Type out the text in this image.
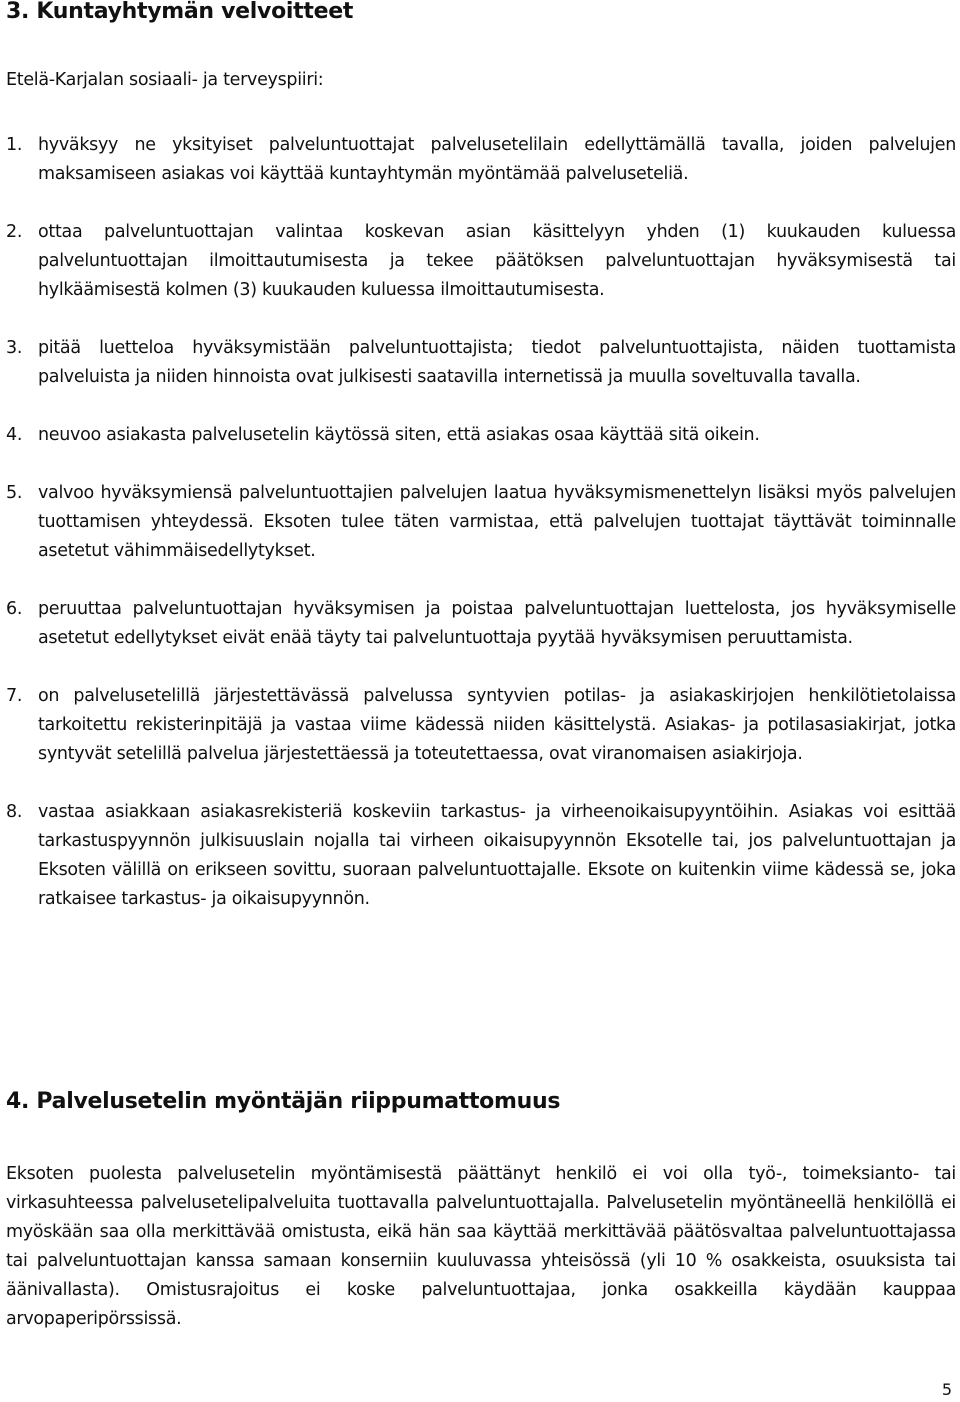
3. Kuntayhtymän velvoitteet

Etelä-Karjalan sosiaali- ja terveyspiiri:

1. hyväksyy ne yksityiset palveluntuottajat palvelusetelilain edellyttämällä tavalla, joiden palvelujen maksamiseen asiakas voi käyttää kuntayhtymän myöntämää palveluseteliä.
2. ottaa palveluntuottajan valintaa koskevan asian käsittelyyn yhden (1) kuukauden kuluessa palveluntuottajan ilmoittautumisesta ja tekee päätöksen palveluntuottajan hyväksymisestä tai hylkäämisestä kolmen (3) kuukauden kuluessa ilmoittautumisesta.
3. pitää luetteloa hyväksymistään palveluntuottajista; tiedot palveluntuottajista, näiden tuottamista palveluista ja niiden hinnoista ovat julkisesti saatavilla internetissä ja muulla soveltuvalla tavalla.
4. neuvoo asiakasta palvelusetelin käytössä siten, että asiakas osaa käyttää sitä oikein.
5. valvoo hyväksymiensä palveluntuottajien palvelujen laatua hyväksymismenettelyn lisäksi myös palvelujen tuottamisen yhteydessä. Eksoten tulee täten varmistaa, että palvelujen tuottajat täyttävät toiminnalle asetetut vähimmäisedellytykset.
6. peruuttaa palveluntuottajan hyväksymisen ja poistaa palveluntuottajan luettelosta, jos hyväksymiselle asetetut edellytykset eivät enää täyty tai palveluntuottaja pyytää hyväksymisen peruuttamista.
7. on palvelusetelillä järjestettävässä palvelussa syntyvien potilas- ja asiakaskirjojen henkilötietolaissa tarkoitettu rekisterinpitäjä ja vastaa viime kädessä niiden käsittelystä. Asiakas- ja potilasasiakirjat, jotka syntyvät setelillä palvelua järjestettäessä ja toteutettaessa, ovat viranomaisen asiakirjoja.
8. vastaa asiakkaan asiakasrekisteriä koskeviin tarkastus- ja virheenoikaisupyyntöihin. Asiakas voi esittää tarkastuspyynnön julkisuuslain nojalla tai virheen oikaisupyynnön Eksotelle tai, jos palveluntuottajan ja Eksoten välillä on erikseen sovittu, suoraan palveluntuottajalle. Eksote on kuitenkin viime kädessä se, joka ratkaisee tarkastus- ja oikaisupyynnön.
4. Palvelusetelin myöntäjän riippumattomuus

Eksoten puolesta palvelusetelin myöntämisestä päättänyt henkilö ei voi olla työ-, toimeksianto- tai virkasuhteessa palvelusetelipalveluita tuottavalla palveluntuottajalla. Palvelusetelin myöntäneellä henkilöllä ei myöskään saa olla merkittävää omistusta, eikä hän saa käyttää merkittävää päätösvaltaa palveluntuottajassa tai palveluntuottajan kanssa samaan konserniin kuuluvassa yhteisössä (yli 10 % osakkeista, osuuksista tai äänivallasta). Omistusrajoitus ei koske palveluntuottajaa, jonka osakkeilla käydään kauppaa arvopaperipörssissä.

5
